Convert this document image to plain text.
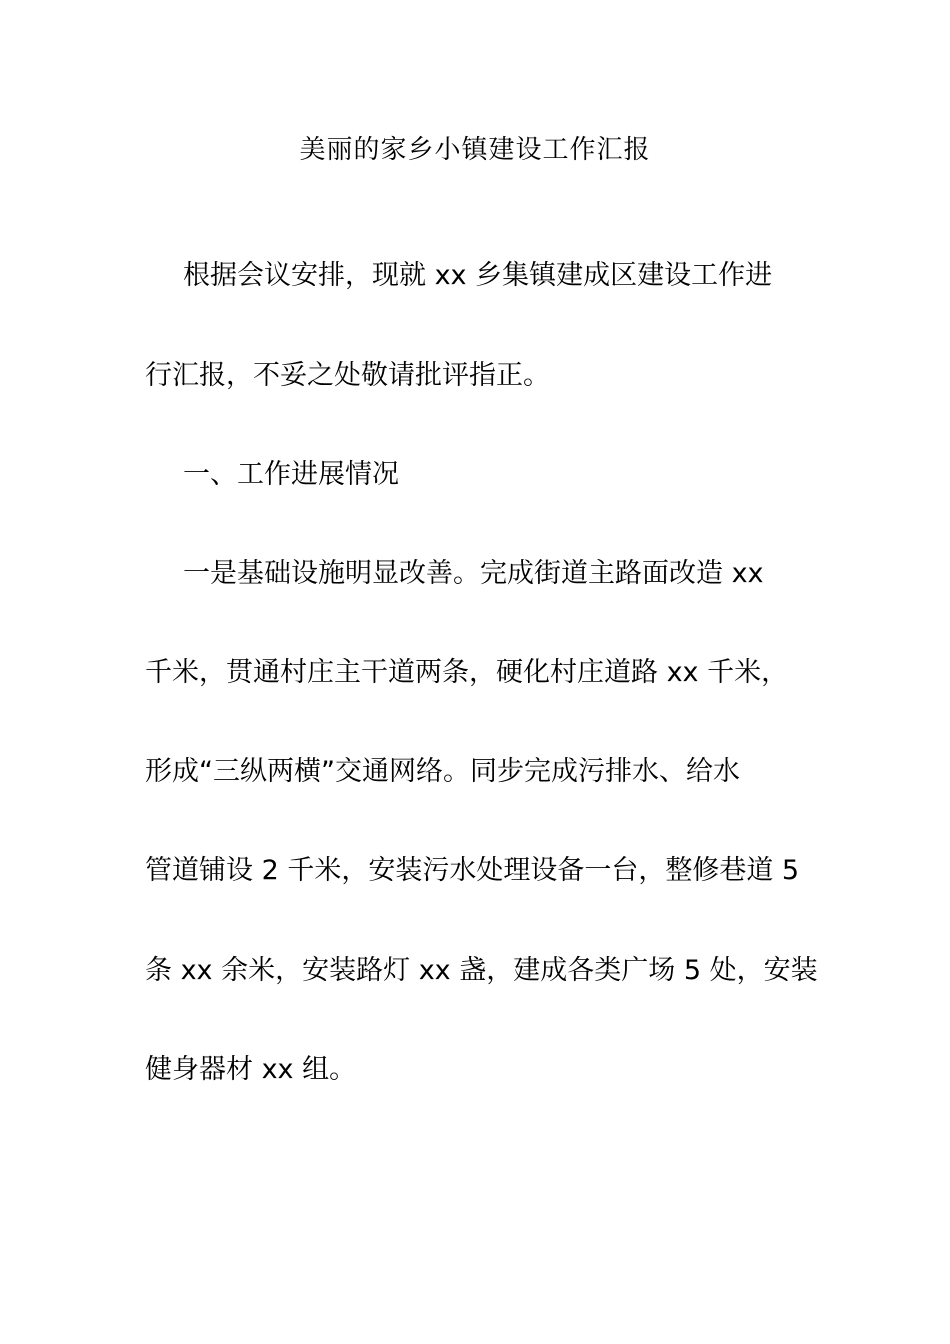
美丽的家乡小镇建设工作汇报
根据会议安排，现就 xx 乡集镇建成区建设工作进
行汇报，不妥之处敬请批评指正。
一、工作进展情况
一是基础设施明显改善。完成街道主路面改造 xx
千米，贯通村庄主干道两条，硬化村庄道路 xx 千米，
形成“三纵两横”交通网络。同步完成污排水、给水
管道铺设 2 千米，安装污水处理设备一台，整修巷道 5
条 xx 余米，安装路灯 xx 盏，建成各类广场 5 处，安装
健身器材 xx 组。
